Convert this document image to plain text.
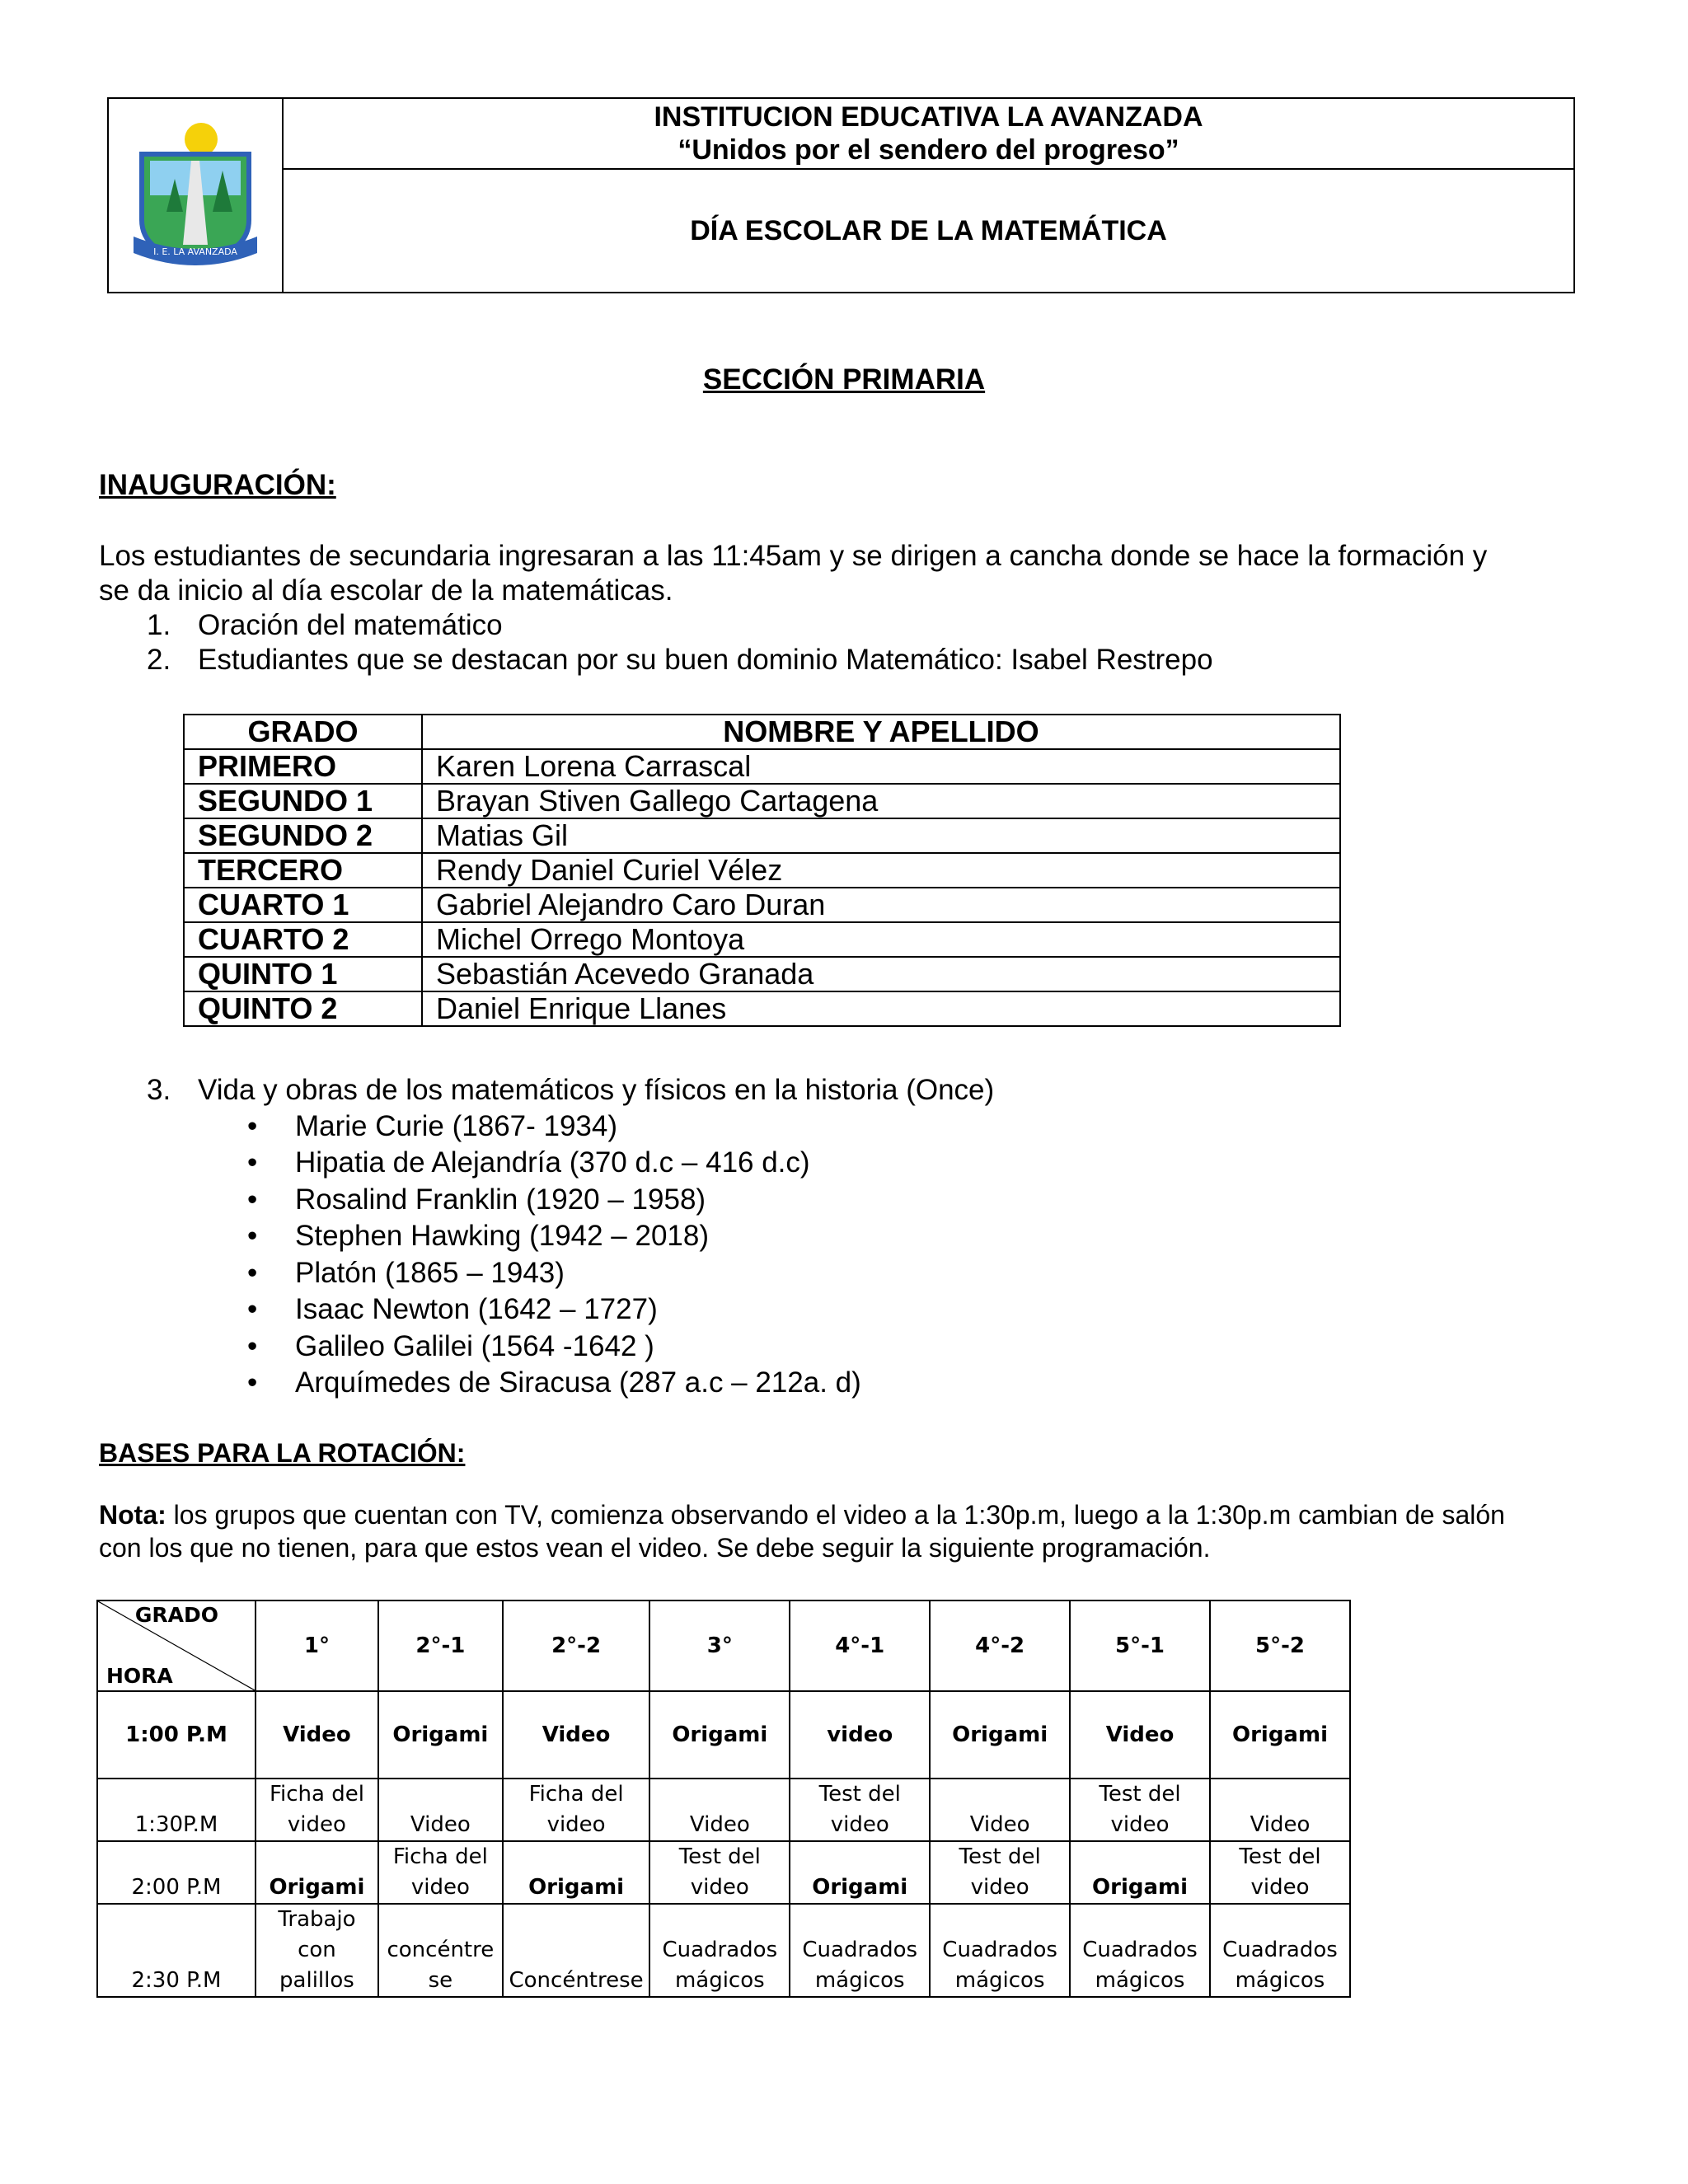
I. E. LA AVANZADA
INSTITUCION EDUCATIVA LA AVANZADA
“Unidos por el sendero del progreso”
DÍA ESCOLAR DE LA MATEMÁTICA
SECCIÓN PRIMARIA
INAUGURACIÓN:
Los estudiantes de secundaria ingresaran a las 11:45am y se dirigen a cancha donde se hace la formación y
se da inicio al día escolar de la matemáticas.
1. Oración del matemático
2. Estudiantes que se destacan por su buen dominio Matemático: Isabel Restrepo
GRADO	NOMBRE Y APELLIDO
PRIMERO	Karen Lorena Carrascal
SEGUNDO 1	Brayan Stiven Gallego Cartagena
SEGUNDO 2	Matias Gil
TERCERO	Rendy Daniel Curiel Vélez
CUARTO 1	Gabriel Alejandro Caro Duran
CUARTO 2	Michel Orrego Montoya
QUINTO 1	Sebastián Acevedo Granada
QUINTO 2	Daniel Enrique Llanes
3. Vida y obras de los matemáticos y físicos en la historia (Once)
• Marie Curie (1867- 1934)
• Hipatia de Alejandría (370 d.c – 416 d.c)
• Rosalind Franklin (1920 – 1958)
• Stephen Hawking (1942 – 2018)
• Platón (1865 – 1943)
• Isaac Newton (1642 – 1727)
• Galileo Galilei (1564 -1642 )
• Arquímedes de Siracusa (287 a.c – 212a. d)
BASES PARA LA ROTACIÓN:
Nota: los grupos que cuentan con TV, comienza observando el video a la 1:30p.m, luego a la 1:30p.m cambian de salón
con los que no tienen, para que estos vean el video. Se debe seguir la siguiente programación.
GRADO
HORA	1°	2°-1	2°-2	3°	4°-1	4°-2	5°-1	5°-2
1:00 P.M	Video	Origami	Video	Origami	video	Origami	Video	Origami
1:30P.M	Ficha del video	Video	Ficha del video	Video	Test del video	Video	Test del video	Video
2:00 P.M	Origami	Ficha del video	Origami	Test del video	Origami	Test del video	Origami	Test del video
2:30 P.M	Trabajo con palillos	concéntre se	Concéntrese	Cuadrados mágicos	Cuadrados mágicos	Cuadrados mágicos	Cuadrados mágicos	Cuadrados mágicos
